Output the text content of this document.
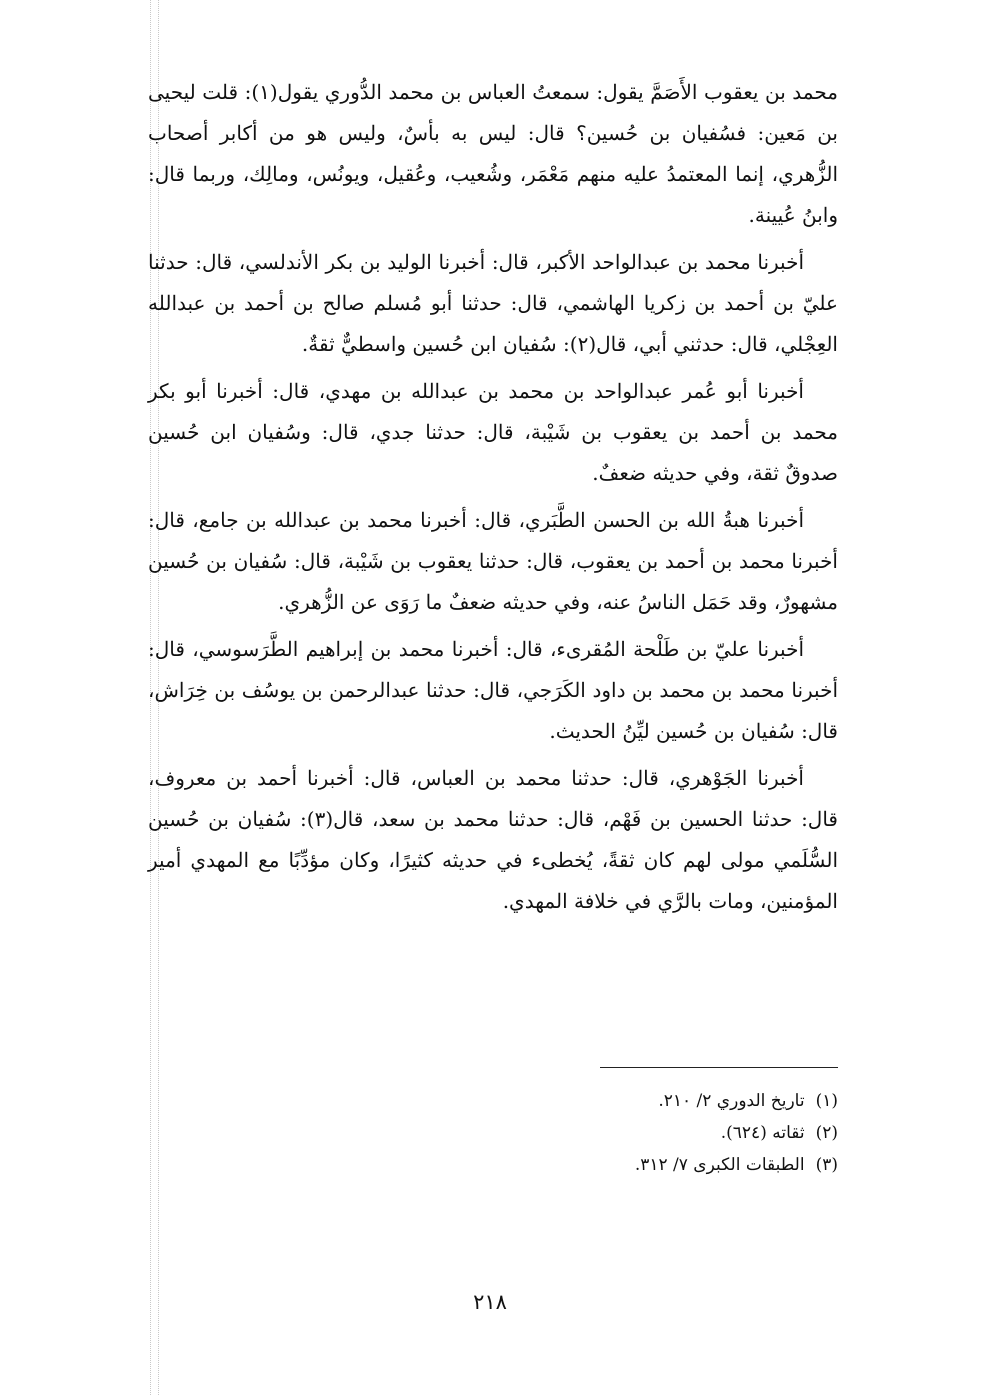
محمد بن يعقوب الأَصَمَّ يقول: سمعتُ العباس بن محمد الدُّوري يقول(١): قلت ليحيى بن مَعين: فسُفيان بن حُسين؟ قال: ليس به بأسٌ، وليس هو من أكابر أصحاب الزُّهري، إنما المعتمدُ عليه منهم مَعْمَر، وشُعيب، وعُقيل، ويونُس، ومالِك، وربما قال: وابنُ عُيينة.

أخبرنا محمد بن عبدالواحد الأكبر، قال: أخبرنا الوليد بن بكر الأندلسي، قال: حدثنا عليّ بن أحمد بن زكريا الهاشمي، قال: حدثنا أبو مُسلم صالح بن أحمد بن عبدالله العِجْلي، قال: حدثني أبي، قال(٢): سُفيان ابن حُسين واسطيٌّ ثقةٌ.

أخبرنا أبو عُمر عبدالواحد بن محمد بن عبدالله بن مهدي، قال: أخبرنا أبو بكر محمد بن أحمد بن يعقوب بن شَيْبة، قال: حدثنا جدي، قال: وسُفيان ابن حُسين صدوقٌ ثقة، وفي حديثه ضعفٌ.

أخبرنا هبةُ الله بن الحسن الطَّبَري، قال: أخبرنا محمد بن عبدالله بن جامع، قال: أخبرنا محمد بن أحمد بن يعقوب، قال: حدثنا يعقوب بن شَيْبة، قال: سُفيان بن حُسين مشهورٌ، وقد حَمَل الناسُ عنه، وفي حديثه ضعفٌ ما رَوَى عن الزُّهري.

أخبرنا عليّ بن طَلْحة المُقرىء، قال: أخبرنا محمد بن إبراهيم الطَّرَسوسي، قال: أخبرنا محمد بن محمد بن داود الكَرَجي، قال: حدثنا عبدالرحمن بن يوسُف بن خِرَاش، قال: سُفيان بن حُسين ليِّنُ الحديث.

أخبرنا الجَوْهري، قال: حدثنا محمد بن العباس، قال: أخبرنا أحمد بن معروف، قال: حدثنا الحسين بن فَهْم، قال: حدثنا محمد بن سعد، قال(٣): سُفيان بن حُسين السُّلَمي مولى لهم كان ثقةً، يُخطىء في حديثه كثيرًا، وكان مؤدِّبًا مع المهدي أمير المؤمنين، ومات بالرَّي في خلافة المهدي.

(١) تاريخ الدوري ٢/ ٢١٠.

(٢) ثقاته (٦٢٤).

(٣) الطبقات الكبرى ٧/ ٣١٢.

٢١٨
